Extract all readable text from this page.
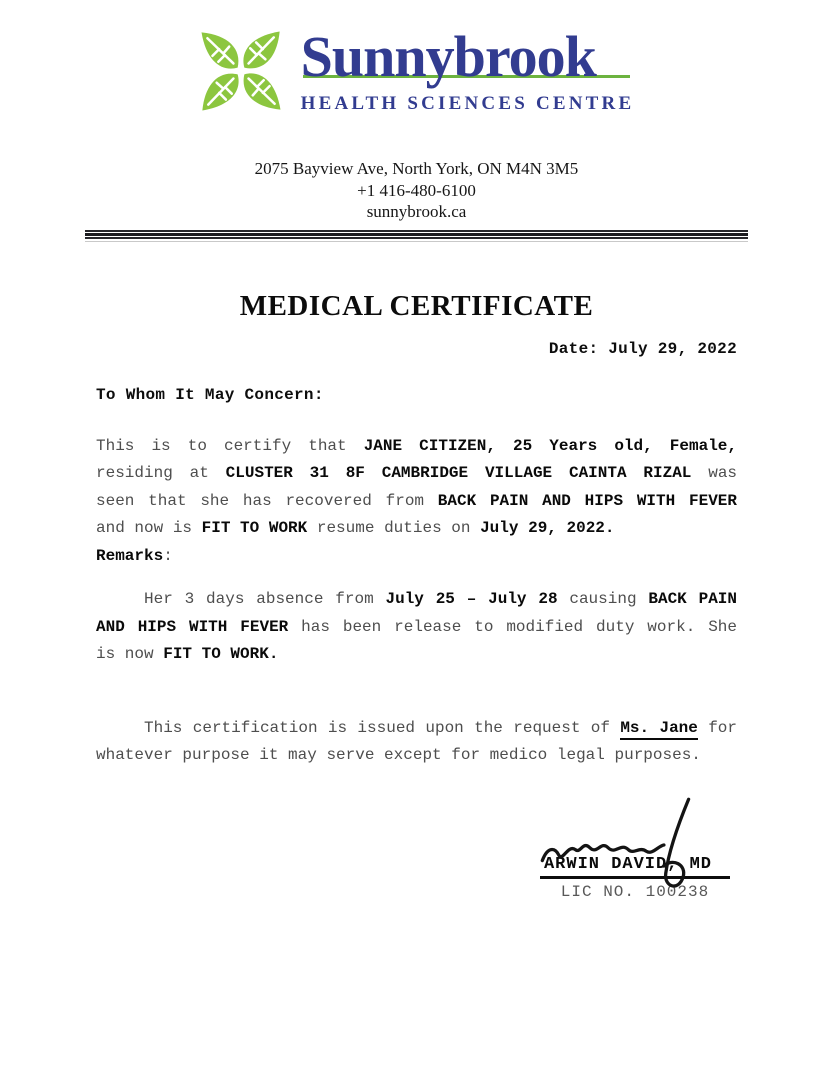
Sunnybrook
HEALTH SCIENCES CENTRE
2075 Bayview Ave, North York, ON M4N 3M5
+1 416-480-6100
sunnybrook.ca
MEDICAL CERTIFICATE
Date: July 29, 2022
To Whom It May Concern:
This is to certify that JANE CITIZEN, 25 Years old, Female,
residing at CLUSTER 31 8F CAMBRIDGE VILLAGE CAINTA RIZAL was
seen that she has recovered from BACK PAIN AND HIPS WITH FEVER
and now is FIT TO WORK resume duties on July 29, 2022.
Remarks:
Her 3 days absence from July 25 – July 28 causing BACK PAIN
AND HIPS WITH FEVER has been release to modified duty work. She
is now FIT TO WORK.
This certification is issued upon the request of Ms. Jane for
whatever purpose it may serve except for medico legal purposes.
ARWIN DAVID, MD
LIC NO. 100238
